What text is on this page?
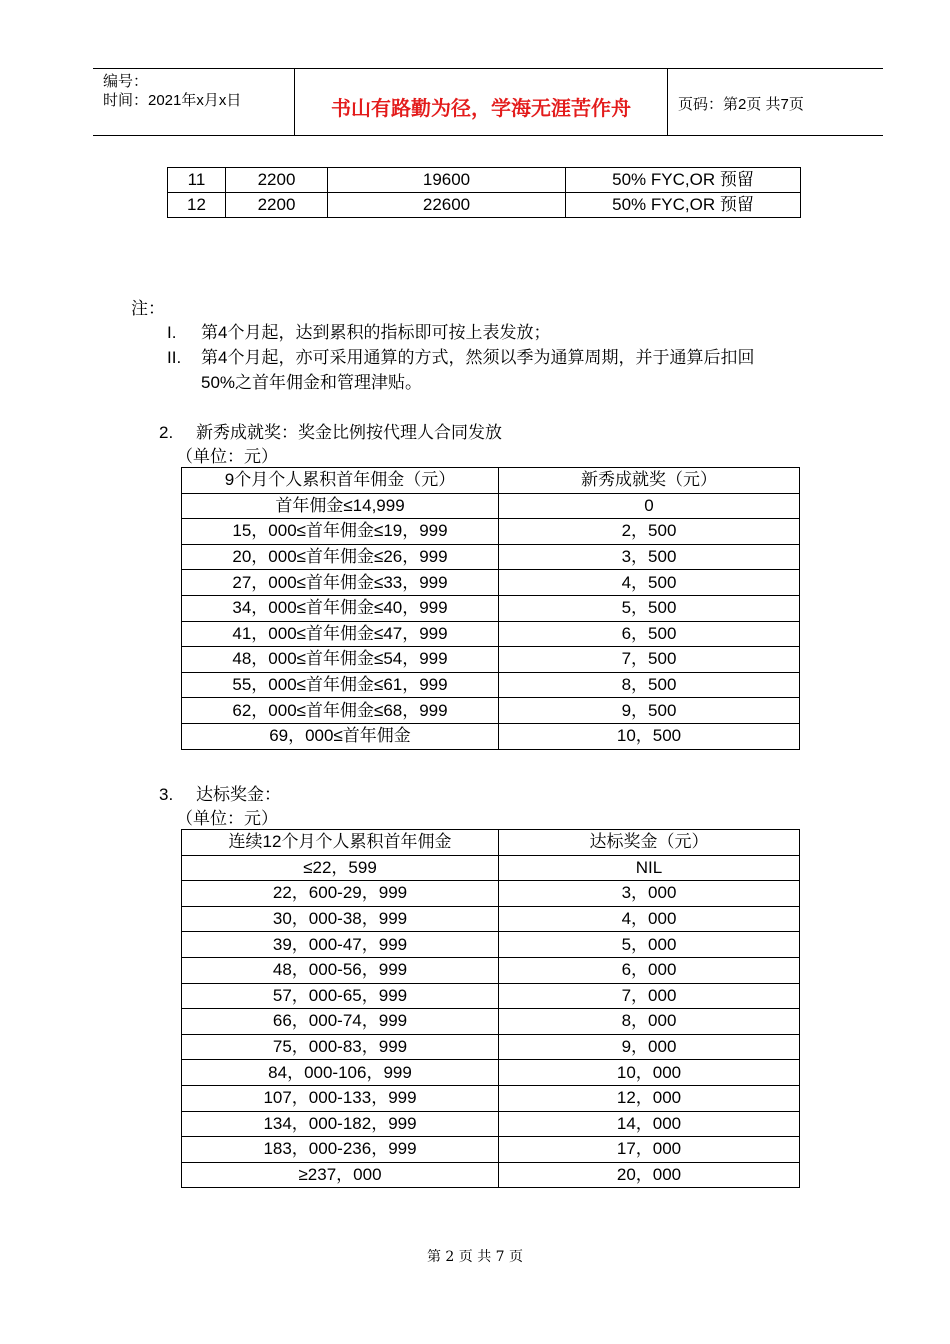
编号：
时间：2021年x月x日	书山有路勤为径，学海无涯苦作舟	页码：第2页 共7页
11	2200	19600	50% FYC,OR 预留
12	2200	22600	50% FYC,OR 预留
注：
I. 第4个月起，达到累积的指标即可按上表发放；
II. 第4个月起，亦可采用通算的方式，然须以季为通算周期，并于通算后扣回
50%之首年佣金和管理津贴。
2. 新秀成就奖：奖金比例按代理人合同发放
（单位：元）
9个月个人累积首年佣金（元）	新秀成就奖（元）
首年佣金≤14,999	0
15，000≤首年佣金≤19，999	2，500
20，000≤首年佣金≤26，999	3，500
27，000≤首年佣金≤33，999	4，500
34，000≤首年佣金≤40，999	5，500
41，000≤首年佣金≤47，999	6，500
48，000≤首年佣金≤54，999	7，500
55，000≤首年佣金≤61，999	8，500
62，000≤首年佣金≤68，999	9，500
69，000≤首年佣金	10，500
3. 达标奖金：
（单位：元）
连续12个月个人累积首年佣金	达标奖金（元）
≤22，599	NIL
22，600-29，999	3，000
30，000-38，999	4，000
39，000-47，999	5，000
48，000-56，999	6，000
57，000-65，999	7，000
66，000-74，999	8，000
75，000-83，999	9，000
84，000-106，999	10，000
107，000-133，999	12，000
134，000-182，999	14，000
183，000-236，999	17，000
≥237，000	20，000
第 2 页 共 7 页
